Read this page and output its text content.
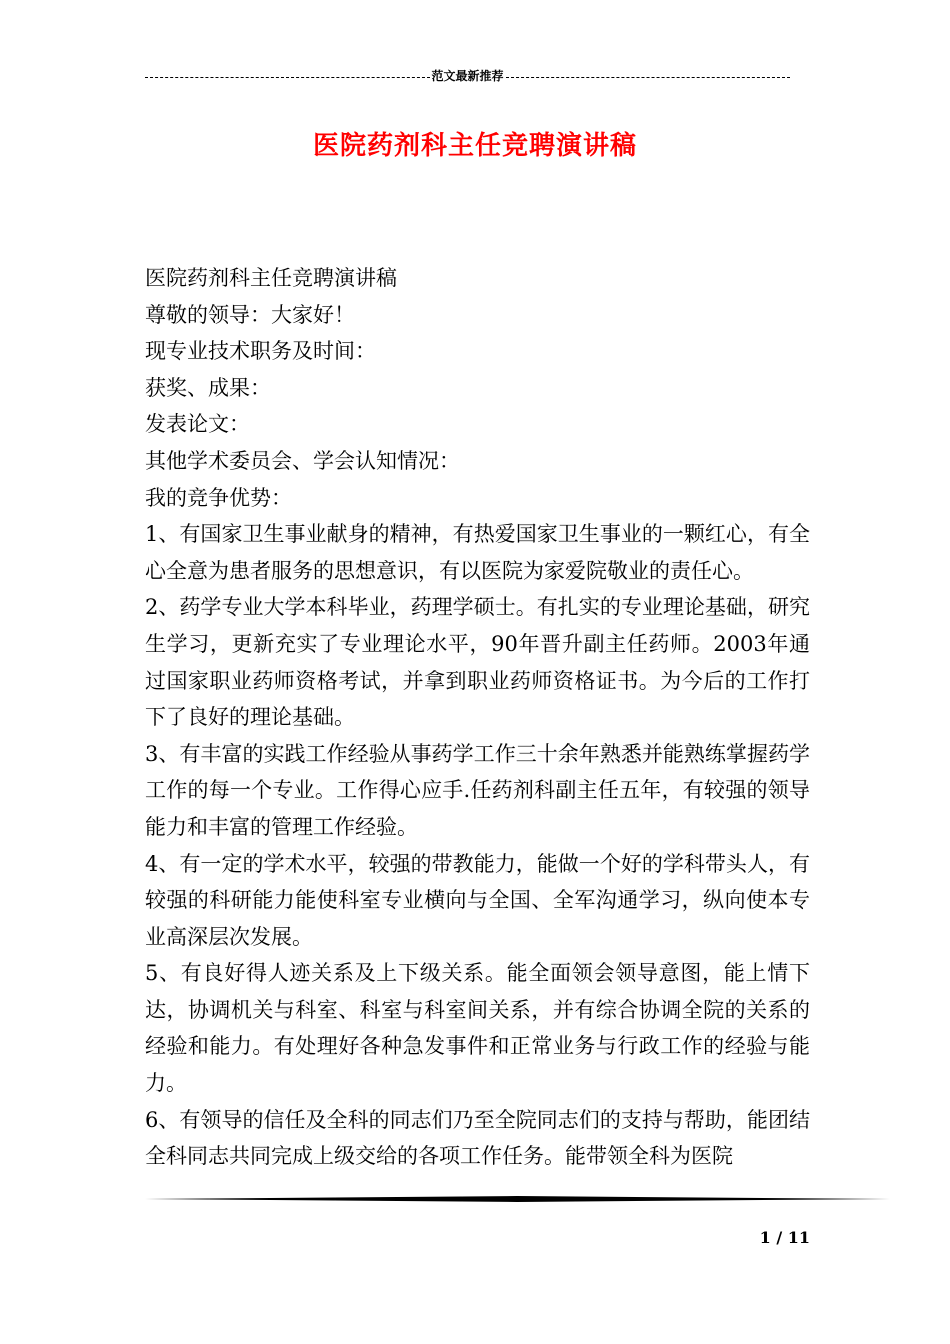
范文最新推荐
医院药剂科主任竞聘演讲稿

医院药剂科主任竞聘演讲稿

尊敬的领导：大家好！

现专业技术职务及时间：

获奖、成果：

发表论文：

其他学术委员会、学会认知情况：

我的竞争优势：

1、有国家卫生事业献身的精神，有热爱国家卫生事业的一颗红心，有全心全意为患者服务的思想意识，有以医院为家爱院敬业的责任心。

2、药学专业大学本科毕业，药理学硕士。有扎实的专业理论基础，研究生学习，更新充实了专业理论水平，90年晋升副主任药师。2003年通过国家职业药师资格考试，并拿到职业药师资格证书。为今后的工作打下了良好的理论基础。

3、有丰富的实践工作经验从事药学工作三十余年熟悉并能熟练掌握药学工作的每一个专业。工作得心应手.任药剂科副主任五年，有较强的领导能力和丰富的管理工作经验。

4、有一定的学术水平，较强的带教能力，能做一个好的学科带头人，有较强的科研能力能使科室专业横向与全国、全军沟通学习，纵向使本专业高深层次发展。

5、有良好得人迹关系及上下级关系。能全面领会领导意图，能上情下达，协调机关与科室、科室与科室间关系，并有综合协调全院的关系的经验和能力。有处理好各种急发事件和正常业务与行政工作的经验与能力。

6、有领导的信任及全科的同志们乃至全院同志们的支持与帮助，能团结全科同志共同完成上级交给的各项工作任务。能带领全科为医院

1 / 11
